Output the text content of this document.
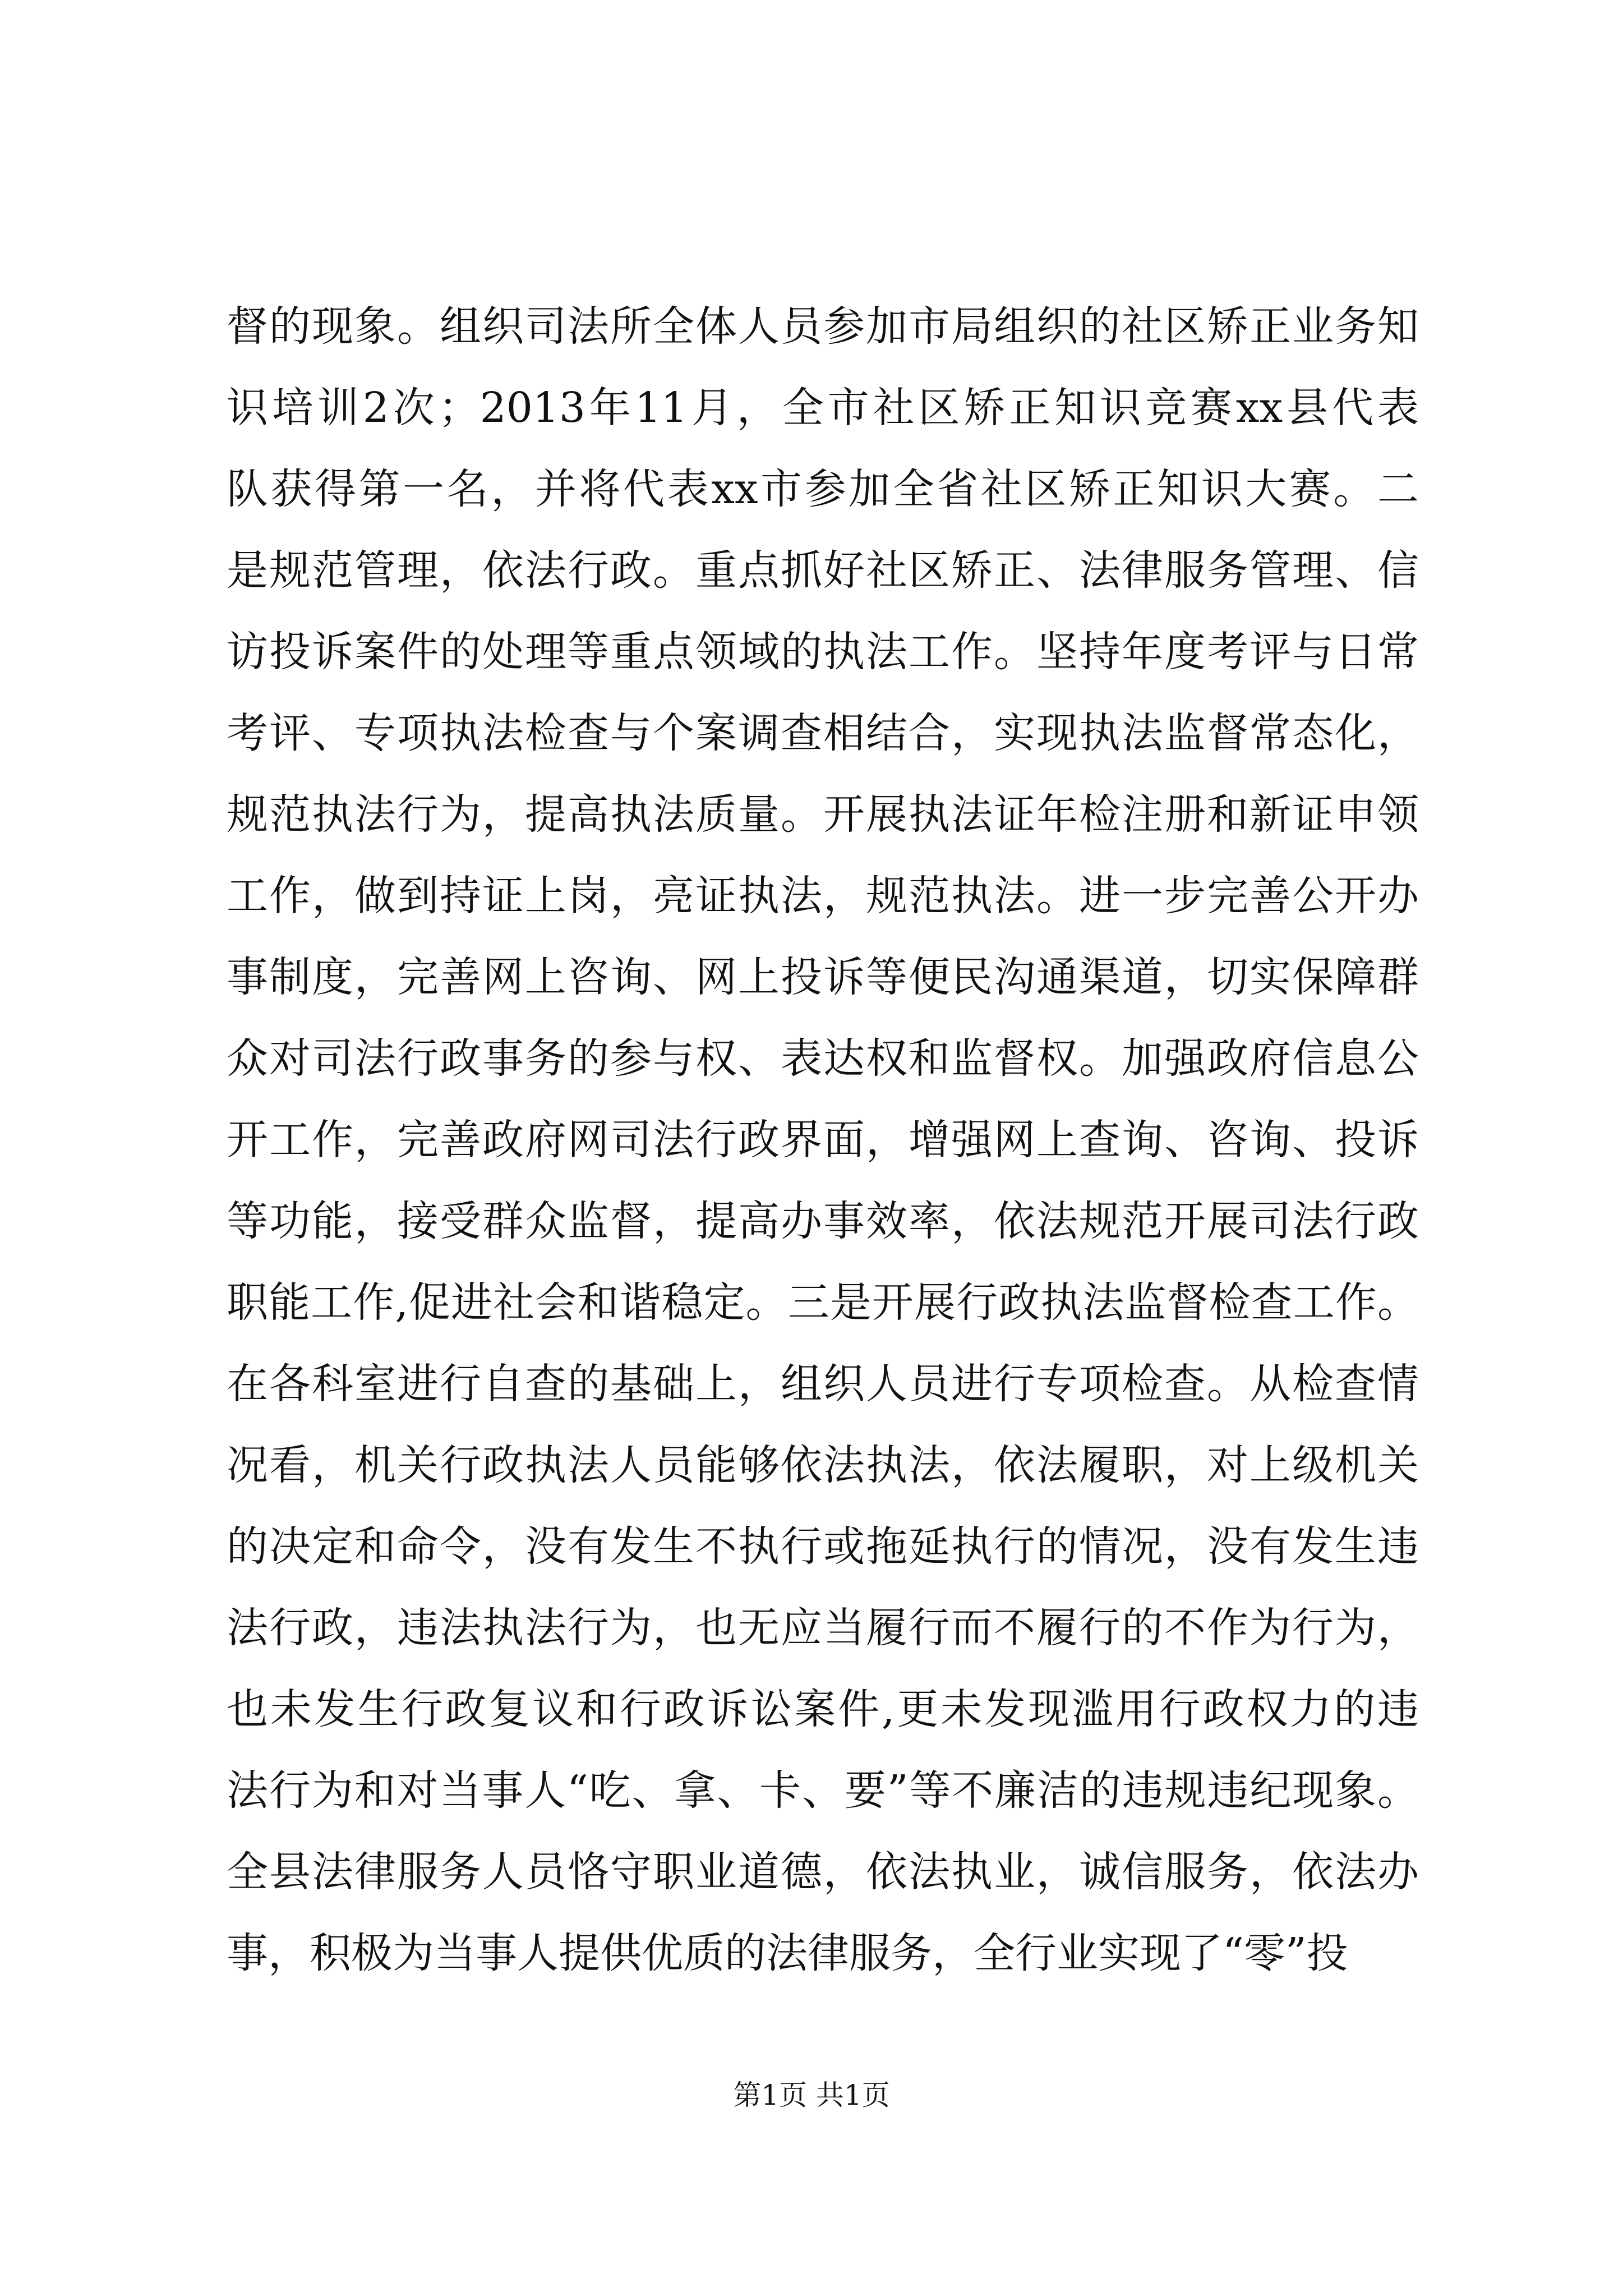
督的现象。组织司法所全体人员参加市局组织的社区矫正业务知
识培训2次；2013年11月，全市社区矫正知识竞赛xx县代表
队获得第一名，并将代表xx市参加全省社区矫正知识大赛。二
是规范管理，依法行政。重点抓好社区矫正、法律服务管理、信
访投诉案件的处理等重点领域的执法工作。坚持年度考评与日常
考评、专项执法检查与个案调查相结合，实现执法监督常态化，
规范执法行为，提高执法质量。开展执法证年检注册和新证申领
工作，做到持证上岗，亮证执法，规范执法。进一步完善公开办
事制度，完善网上咨询、网上投诉等便民沟通渠道，切实保障群
众对司法行政事务的参与权、表达权和监督权。加强政府信息公
开工作，完善政府网司法行政界面，增强网上查询、咨询、投诉
等功能，接受群众监督，提高办事效率，依法规范开展司法行政
职能工作,促进社会和谐稳定。三是开展行政执法监督检查工作。
在各科室进行自查的基础上，组织人员进行专项检查。从检查情
况看，机关行政执法人员能够依法执法，依法履职，对上级机关
的决定和命令，没有发生不执行或拖延执行的情况，没有发生违
法行政，违法执法行为，也无应当履行而不履行的不作为行为，
也未发生行政复议和行政诉讼案件,更未发现滥用行政权力的违
法行为和对当事人“吃、拿、卡、要”等不廉洁的违规违纪现象。
全县法律服务人员恪守职业道德，依法执业，诚信服务，依法办
事，积极为当事人提供优质的法律服务，全行业实现了“零”投
第1页 共1页
